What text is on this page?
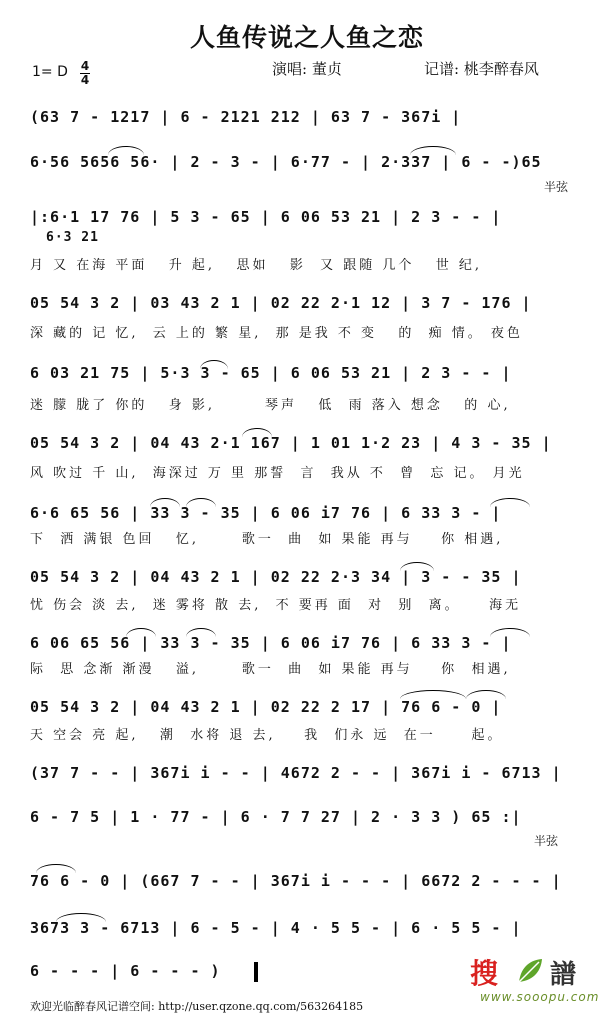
人鱼传说之人鱼之恋
1= D 4
4
演唱: 董贞	记谱: 桃李醉春风
(63 7 - 1217 | 6 - 2121 212 | 63 7 - 367i |
6·56 5656 56· | 2 - 3 - | 6·77 - | 2·337 | 6 - -)65
半弦
|:6·1 17 76 | 5 3 - 65 | 6 06 53 21 | 2 3 - - |
6·3 21
月 又 在海 平面   升 起,   思如   影  又 跟随 几个   世 纪,
05 54 3 2 | 03 43 2 1 | 02 22 2·1 12 | 3 7 - 176 |
深 藏的 记 忆,  云 上的 繁 星,  那 是我 不 变   的  痴 情。 夜色
6 03 21 75 | 5·3 3 - 65 | 6 06 53 21 | 2 3 - - |
迷 朦 胧了 你的   身 影,       琴声   低  雨 落入 想念   的 心,
05 54 3 2 | 04 43 2·1 167 | 1 01 1·2 23 | 4 3 - 35 |
风 吹过 千 山,  海深过 万 里 那誓  言  我从 不  曾  忘 记。 月光
6·6 65 56 | 33 3 - 35 | 6 06 i7 76 | 6 33 3 - |
下  洒 满银 色回   忆,      歌一  曲  如 果能 再与    你 相遇,
05 54 3 2 | 04 43 2 1 | 02 22 2·3 34 | 3 - - 35 |
忧 伤会 淡 去,  迷 雾将 散 去,  不 要再 面  对  别  离。    海无
6 06 65 56 | 33 3 - 35 | 6 06 i7 76 | 6 33 3 - |
际  思 念渐 渐漫   溢,      歌一  曲  如 果能 再与    你  相遇,
05 54 3 2 | 04 43 2 1 | 02 22 2 17 | 76 6 - 0 |
天 空会 亮 起,   潮  水将 退 去,    我  们永 远  在一     起。
(37 7 - - | 367i i - - | 4672 2 - - | 367i i - 6713 |
6 - 7 5 | 1 · 77 - | 6 · 7 7 27 | 2 · 3 3 ) 65 :|
半弦
76 6 - 0 | (667 7 - - | 367i i - - - | 6672 2 - - - |
3673 3 - 6713 | 6 - 5 - | 4 · 5 5 - | 6 · 5 5 - |
6 - - - | 6 - - - )
欢迎光临醉春风记谱空间: http://user.qzone.qq.com/563264185
搜 譜
www.sooopu.com
